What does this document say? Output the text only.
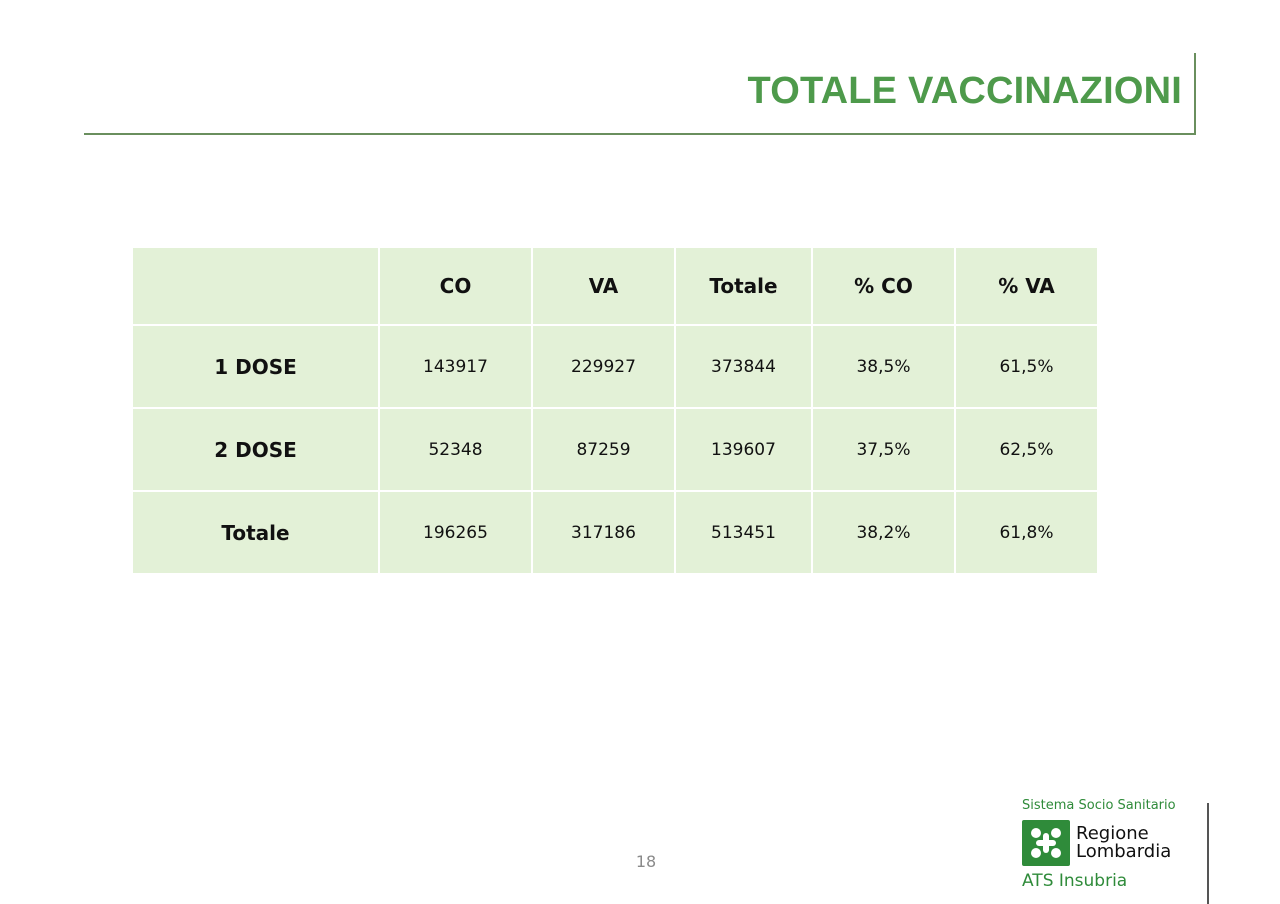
TOTALE VACCINAZIONI
	CO	VA	Totale	% CO	% VA
1 DOSE	143917	229927	373844	38,5%	61,5%
2 DOSE	52348	87259	139607	37,5%	62,5%
Totale	196265	317186	513451	38,2%	61,8%
18
Sistema Socio Sanitario
Regione
Lombardia
ATS Insubria
